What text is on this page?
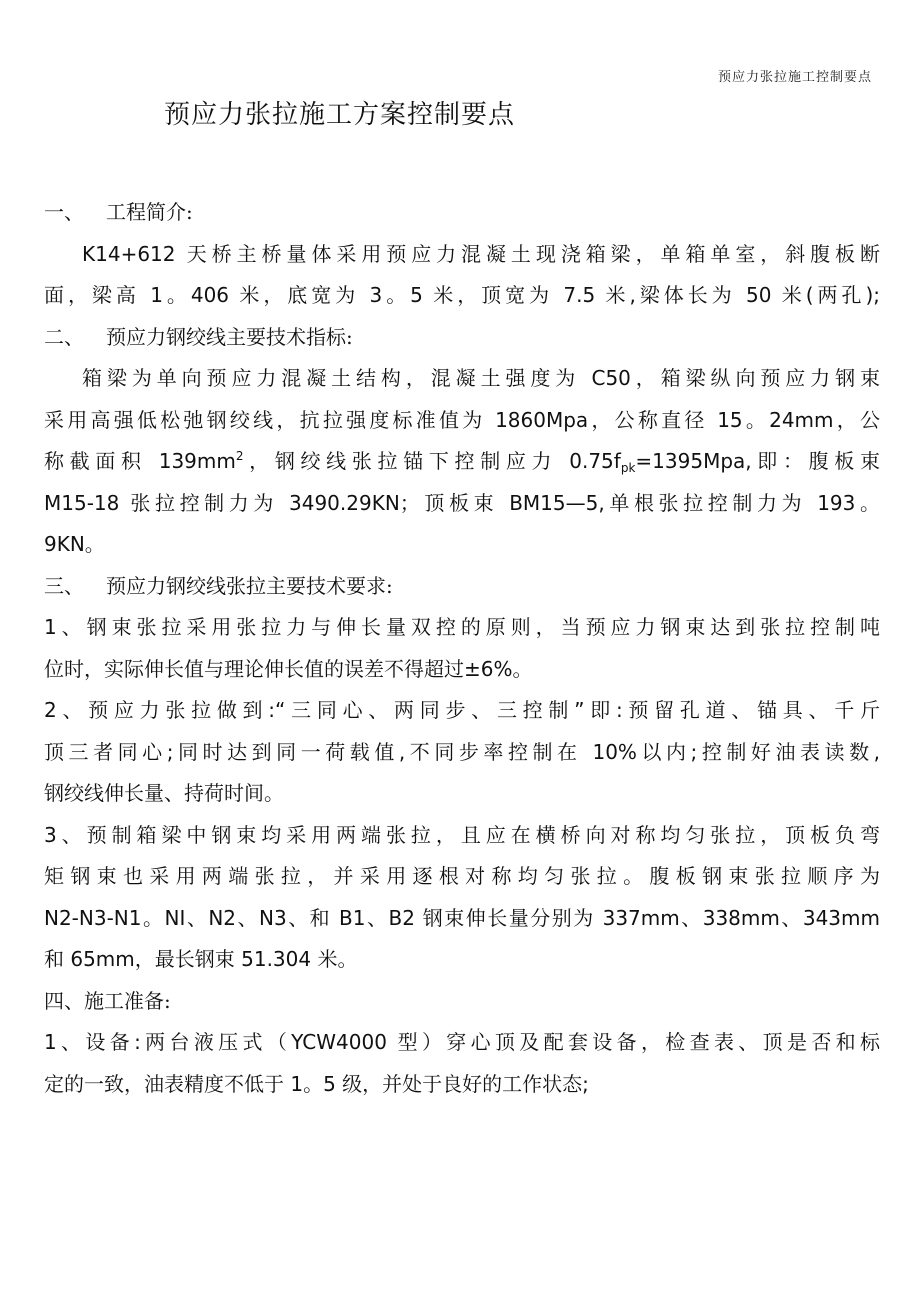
预应力张拉施工控制要点
预应力张拉施工方案控制要点
一、 工程简介:
K14+612 天桥主桥量体采用预应力混凝土现浇箱梁，单箱单室，斜腹板断
面，梁高 1。406 米，底宽为 3。5 米，顶宽为 7.5 米,梁体长为 50 米(两孔);
二、 预应力钢绞线主要技术指标:
箱梁为单向预应力混凝土结构，混凝土强度为 C50，箱梁纵向预应力钢束
采用高强低松弛钢绞线，抗拉强度标准值为 1860Mpa，公称直径 15。24mm，公
称截面积 $139mm^2$，钢绞线张拉锚下控制应力 $0.75f_{pk}=1395Mpa$,即：腹板束
M15-18 张拉控制力为 3490.29KN；顶板束 BM15—5,单根张拉控制力为 193。
9KN。
三、 预应力钢绞线张拉主要技术要求:
1、钢束张拉采用张拉力与伸长量双控的原则，当预应力钢束达到张拉控制吨
位时，实际伸长值与理论伸长值的误差不得超过±6%。
2、预应力张拉做到:“三同心、两同步、三控制”即:预留孔道、锚具、千斤
顶三者同心;同时达到同一荷载值,不同步率控制在 10%以内;控制好油表读数,
钢绞线伸长量、持荷时间。
3、预制箱梁中钢束均采用两端张拉，且应在横桥向对称均匀张拉，顶板负弯
矩钢束也采用两端张拉，并采用逐根对称均匀张拉。腹板钢束张拉顺序为
N2-N3-N1。NI、N2、N3、和 B1、B2 钢束伸长量分别为 337mm、338mm、343mm
和 65mm，最长钢束 51.304 米。
四、施工准备:
1、设备:两台液压式（YCW4000 型）穿心顶及配套设备，检查表、顶是否和标
定的一致，油表精度不低于 1。5 级，并处于良好的工作状态;
